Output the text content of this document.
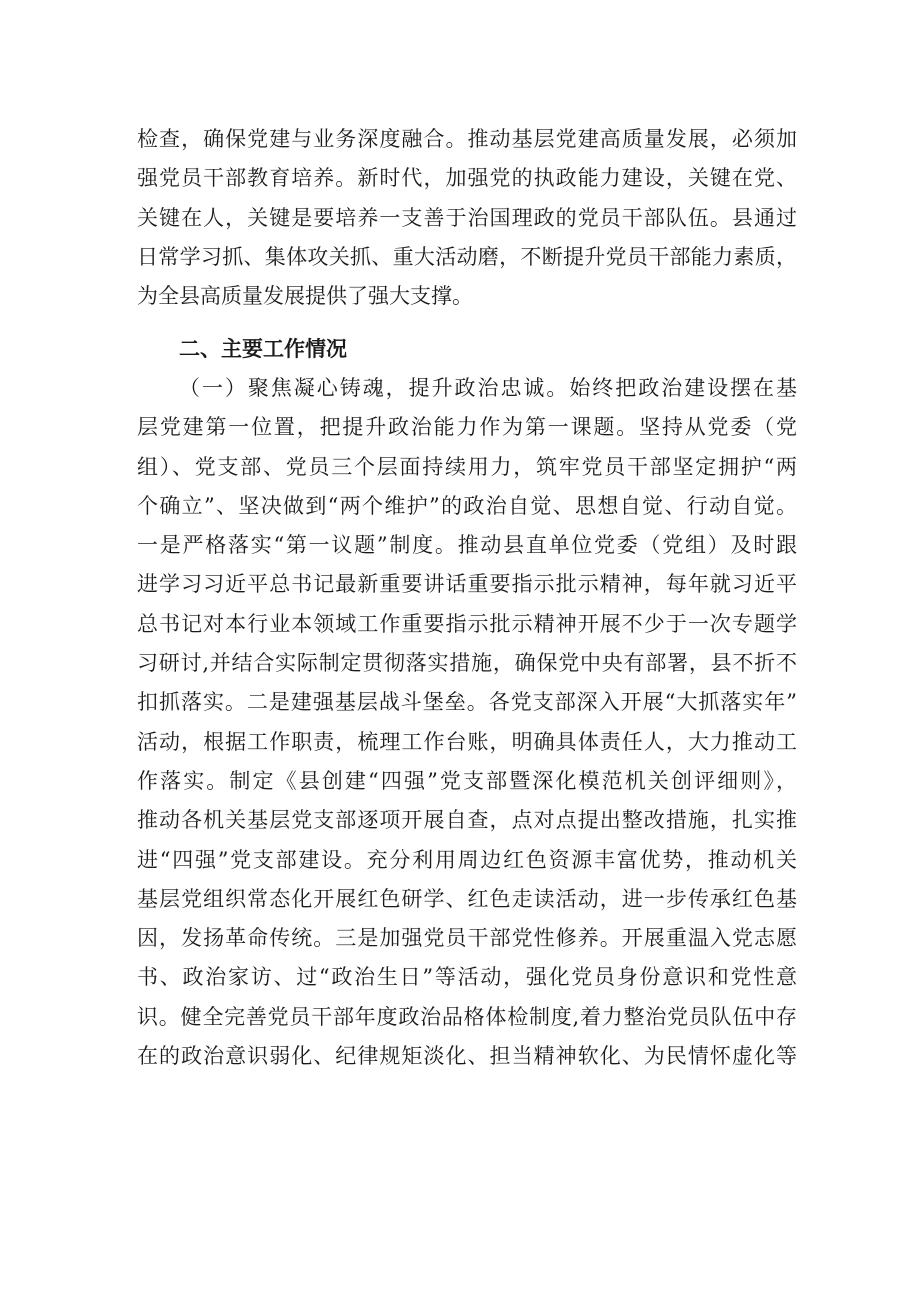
检查，确保党建与业务深度融合。推动基层党建高质量发展，必须加
强党员干部教育培养。新时代，加强党的执政能力建设，关键在党、
关键在人，关键是要培养一支善于治国理政的党员干部队伍。县通过
日常学习抓、集体攻关抓、重大活动磨，不断提升党员干部能力素质，
为全县高质量发展提供了强大支撑。
二、主要工作情况
（一）聚焦凝心铸魂，提升政治忠诚。始终把政治建设摆在基
层党建第一位置，把提升政治能力作为第一课题。坚持从党委（党
组）、党支部、党员三个层面持续用力，筑牢党员干部坚定拥护“两
个确立”、坚决做到“两个维护”的政治自觉、思想自觉、行动自觉。
一是严格落实“第一议题”制度。推动县直单位党委（党组）及时跟
进学习习近平总书记最新重要讲话重要指示批示精神，每年就习近平
总书记对本行业本领域工作重要指示批示精神开展不少于一次专题学
习研讨,并结合实际制定贯彻落实措施，确保党中央有部署，县不折不
扣抓落实。二是建强基层战斗堡垒。各党支部深入开展“大抓落实年”
活动，根据工作职责，梳理工作台账，明确具体责任人，大力推动工
作落实。制定《县创建“四强”党支部暨深化模范机关创评细则》，
推动各机关基层党支部逐项开展自查，点对点提出整改措施，扎实推
进“四强”党支部建设。充分利用周边红色资源丰富优势，推动机关
基层党组织常态化开展红色研学、红色走读活动，进一步传承红色基
因，发扬革命传统。三是加强党员干部党性修养。开展重温入党志愿
书、政治家访、过“政治生日”等活动，强化党员身份意识和党性意
识。健全完善党员干部年度政治品格体检制度,着力整治党员队伍中存
在的政治意识弱化、纪律规矩淡化、担当精神软化、为民情怀虚化等
